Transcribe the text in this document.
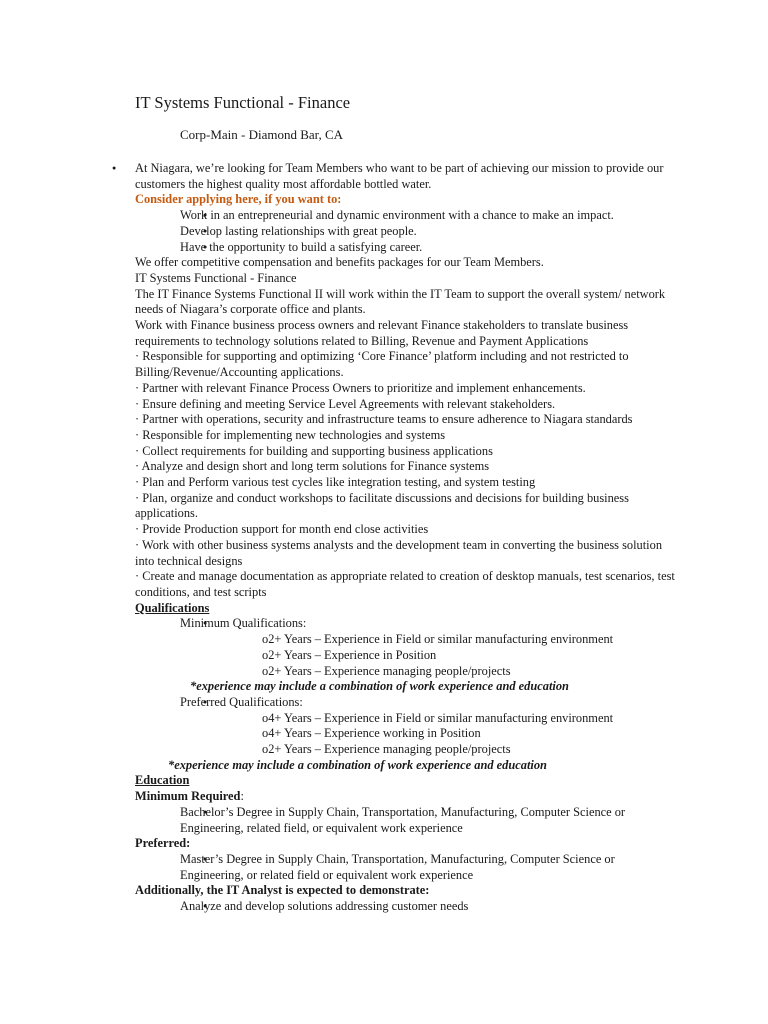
IT Systems Functional - Finance
Corp-Main - Diamond Bar, CA

● At Niagara, we’re looking for Team Members who want to be part of achieving our mission to provide our customers the highest quality most affordable bottled water.

Consider applying here, if you want to:

● Work in an entrepreneurial and dynamic environment with a chance to make an impact.
● Develop lasting relationships with great people.
● Have the opportunity to build a satisfying career.

We offer competitive compensation and benefits packages for our Team Members.

IT Systems Functional - Finance

The IT Finance Systems Functional II will work within the IT Team to support the overall system/ network needs of Niagara’s corporate office and plants.

Work with Finance business process owners and relevant Finance stakeholders to translate business requirements to technology solutions related to Billing, Revenue and Payment Applications

· Responsible for supporting and optimizing ‘Core Finance’ platform including and not restricted to Billing/Revenue/Accounting applications.

· Partner with relevant Finance Process Owners to prioritize and implement enhancements.

· Ensure defining and meeting Service Level Agreements with relevant stakeholders.

· Partner with operations, security and infrastructure teams to ensure adherence to Niagara standards

· Responsible for implementing new technologies and systems

· Collect requirements for building and supporting business applications

· Analyze and design short and long term solutions for Finance systems

· Plan and Perform various test cycles like integration testing, and system testing

· Plan, organize and conduct workshops to facilitate discussions and decisions for building business applications.

· Provide Production support for month end close activities

· Work with other business systems analysts and the development team in converting the business solution into technical designs

· Create and manage documentation as appropriate related to creation of desktop manuals, test scenarios, test conditions, and test scripts

Qualifications

● Minimum Qualifications:
o2+ Years – Experience in Field or similar manufacturing environment
o2+ Years – Experience in Position
o2+ Years – Experience managing people/projects

*experience may include a combination of work experience and education

● Preferred Qualifications:
o4+ Years – Experience in Field or similar manufacturing environment
o4+ Years – Experience working in Position
o2+ Years – Experience managing people/projects

*experience may include a combination of work experience and education

Education

Minimum Required:

● Bachelor’s Degree in Supply Chain, Transportation, Manufacturing, Computer Science or Engineering, related field, or equivalent work experience

Preferred:

● Master’s Degree in Supply Chain, Transportation, Manufacturing, Computer Science or Engineering, or related field or equivalent work experience

Additionally, the IT Analyst is expected to demonstrate:

● Analyze and develop solutions addressing customer needs
